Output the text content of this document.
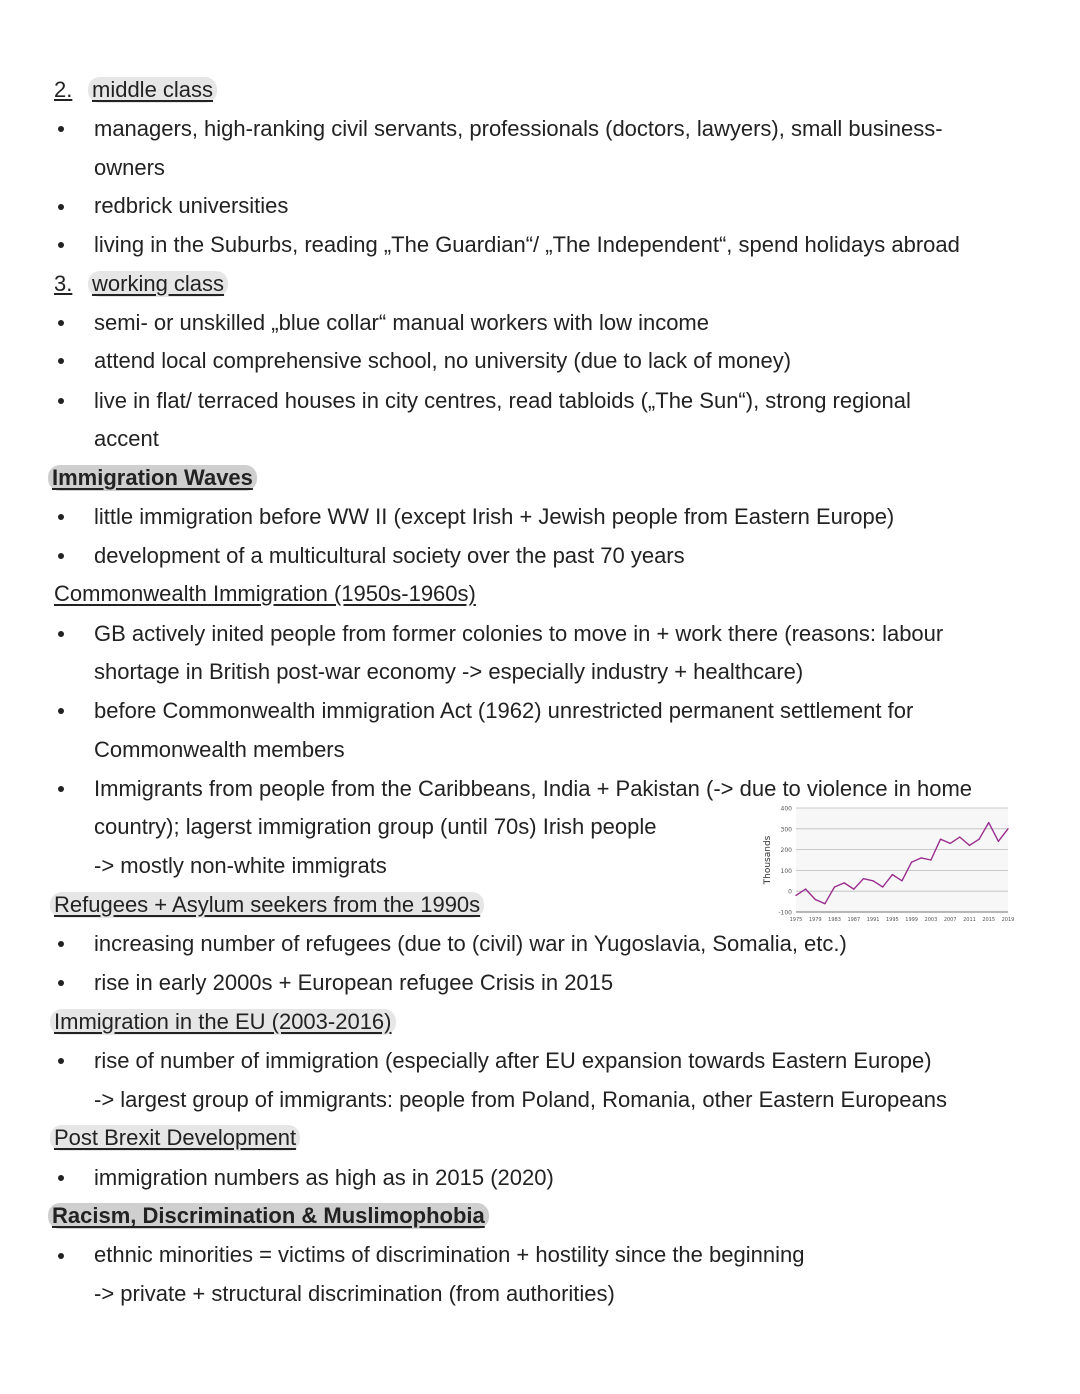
2. middle class
managers, high-ranking civil servants, professionals (doctors, lawyers), small business-
owners
redbrick universities
living in the Suburbs, reading „The Guardian“/ „The Independent“, spend holidays abroad
3. working class
semi- or unskilled „blue collar“ manual workers with low income
attend local comprehensive school, no university (due to lack of money)
live in flat/ terraced houses in city centres, read tabloids („The Sun“), strong regional
accent
Immigration Waves
little immigration before WW II (except Irish + Jewish people from Eastern Europe)
development of a multicultural society over the past 70 years
Commonwealth Immigration (1950s-1960s)
GB actively inited people from former colonies to move in + work there (reasons: labour
shortage in British post-war economy -> especially industry + healthcare)
before Commonwealth immigration Act (1962) unrestricted permanent settlement for
Commonwealth members
Immigrants from people from the Caribbeans, India + Pakistan (-> due to violence in home
country); lagerst immigration group (until 70s) Irish people
-> mostly non-white immigrats
400
300
200
100
0
-100
Thousands
1975 1979 1983 1987 1991 1995 1999 2003 2007 2011 2015 2019
Refugees + Asylum seekers from the 1990s
increasing number of refugees (due to (civil) war in Yugoslavia, Somalia, etc.)
rise in early 2000s + European refugee Crisis in 2015
Immigration in the EU (2003-2016)
rise of number of immigration (especially after EU expansion towards Eastern Europe)
-> largest group of immigrants: people from Poland, Romania, other Eastern Europeans
Post Brexit Development
immigration numbers as high as in 2015 (2020)
Racism, Discrimination & Muslimophobia
ethnic minorities = victims of discrimination + hostility since the beginning
-> private + structural discrimination (from authorities)
